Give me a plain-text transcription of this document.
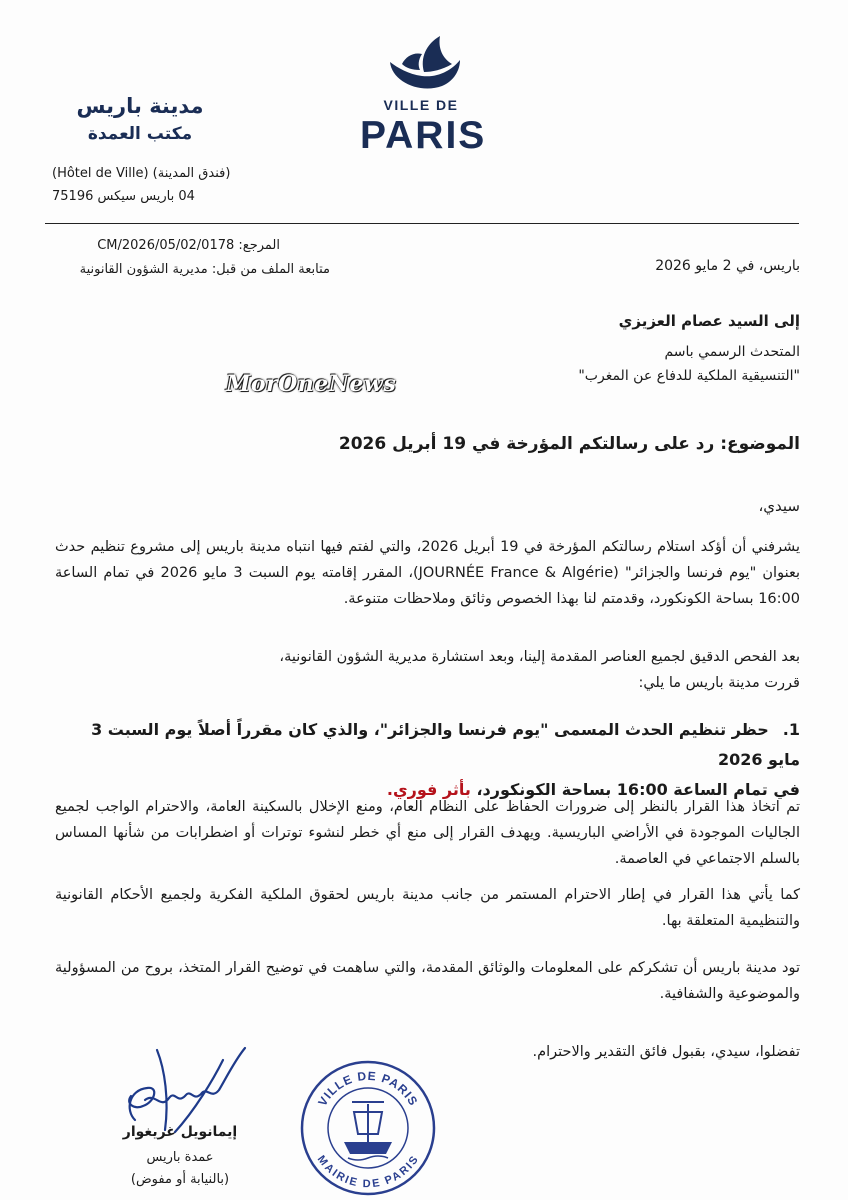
مدينة باريس
مكتب العمدة
(Hôtel de Ville) (فندق المدينة)
04 باريس سيكس 75196
VILLE DE
PARIS
CM/2026/05/02/0178 :المرجع
متابعة الملف من قبل: مديرية الشؤون القانونية	باريس، في 2 مايو 2026
إلى السيد عصام العزيزي
المتحدث الرسمي باسم
"التنسيقية الملكية للدفاع عن المغرب"
MorOneNews
الموضوع: رد على رسالتكم المؤرخة في 19 أبريل 2026
سيدي،
يشرفني أن أؤكد استلام رسالتكم المؤرخة في 19 أبريل 2026، والتي لفتم فيها انتباه مدينة باريس إلى مشروع تنظيم حدث بعنوان "يوم فرنسا والجزائر" (JOURNÉE France & Algérie)، المقرر إقامته يوم السبت 3 مايو 2026 في تمام الساعة 16:00 بساحة الكونكورد، وقدمتم لنا بهذا الخصوص وثائق وملاحظات متنوعة.
بعد الفحص الدقيق لجميع العناصر المقدمة إلينا، وبعد استشارة مديرية الشؤون القانونية،
قررت مدينة باريس ما يلي:
1.حظر تنظيم الحدث المسمى "يوم فرنسا والجزائر"، والذي كان مقرراً أصلاً يوم السبت 3 مايو 2026
في تمام الساعة 16:00 بساحة الكونكورد، بأثر فوري.
تم اتخاذ هذا القرار بالنظر إلى ضرورات الحفاظ على النظام العام، ومنع الإخلال بالسكينة العامة، والاحترام الواجب لجميع الجاليات الموجودة في الأراضي الباريسية. ويهدف القرار إلى منع أي خطر لنشوء توترات أو اضطرابات من شأنها المساس بالسلم الاجتماعي في العاصمة.
كما يأتي هذا القرار في إطار الاحترام المستمر من جانب مدينة باريس لحقوق الملكية الفكرية ولجميع الأحكام القانونية والتنظيمية المتعلقة بها.
تود مدينة باريس أن تشكركم على المعلومات والوثائق المقدمة، والتي ساهمت في توضيح القرار المتخذ، بروح من المسؤولية والموضوعية والشفافية.
تفضلوا، سيدي، بقبول فائق التقدير والاحترام.
إيمانويل غريغوار
عمدة باريس
(بالنيابة أو مفوض)
VILLE DE PARIS
MAIRIE DE PARIS
